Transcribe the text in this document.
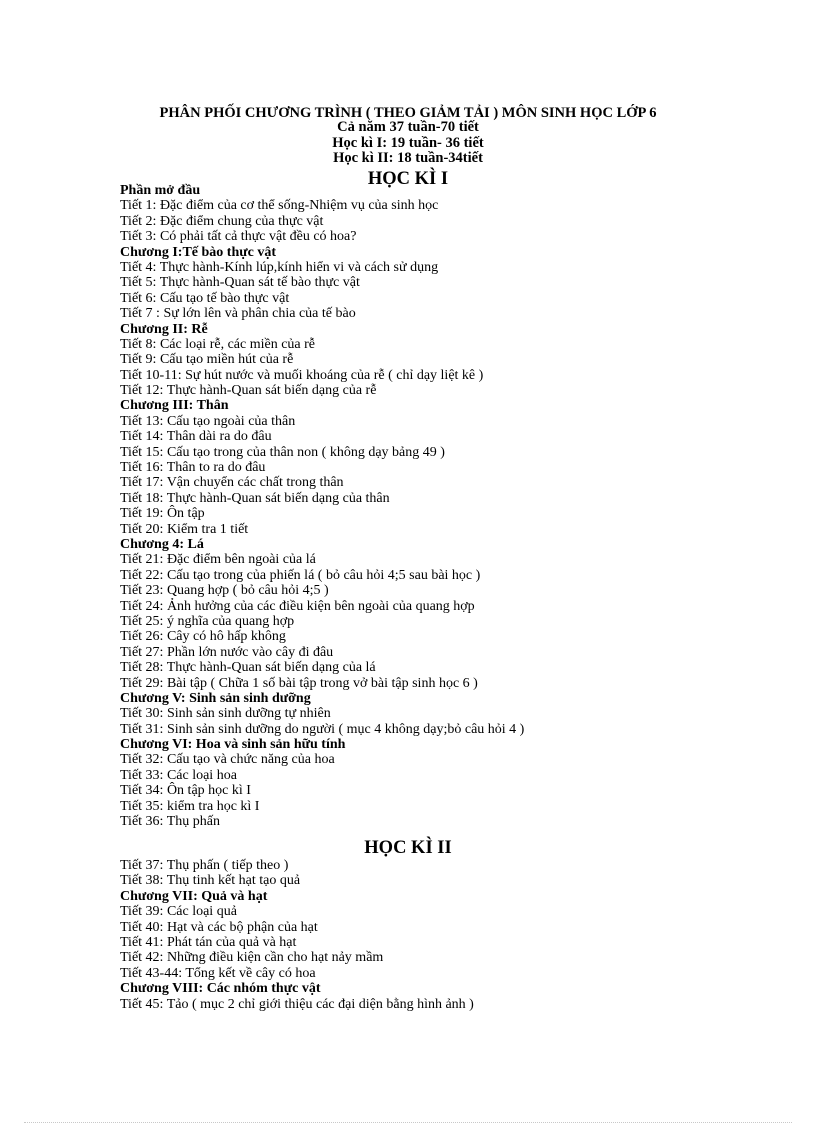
PHÂN PHỐI CHƯƠNG TRÌNH ( THEO GIẢM TẢI ) MÔN SINH HỌC LỚP 6
Cả năm 37 tuần-70 tiết
Học kì I: 19 tuần- 36 tiết
Học kì II: 18 tuần-34tiết
HỌC KÌ I
Phần mở đầu
Tiết 1: Đặc điểm của cơ thể sống-Nhiệm vụ của sinh học
Tiết 2: Đặc điểm chung của thực vật
Tiết 3: Có phải tất cả thực vật đều có hoa?
Chương I:Tế bào thực vật
Tiết 4: Thực hành-Kính lúp,kính hiển vi và cách sử dụng
Tiết 5: Thực hành-Quan sát tế bào thực vật
Tiết 6: Cấu tạo tế bào thực vật
Tiết 7 : Sự lớn lên và phân chia của tế bào
Chương II: Rễ
Tiết 8: Các loại rễ, các miền của rễ
Tiết 9: Cấu tạo miền hút của rễ
Tiết 10-11: Sự hút nước và muối khoáng của rễ ( chỉ dạy liệt kê )
Tiết 12: Thực hành-Quan sát biến dạng của rễ
Chương III: Thân
Tiết 13: Cấu tạo ngoài của thân
Tiết 14: Thân dài ra do đâu
Tiết 15: Cấu tạo trong của thân non ( không dạy bảng 49 )
Tiết 16: Thân to ra do đâu
Tiết 17: Vận chuyển các chất trong thân
Tiết 18: Thực hành-Quan sát biến dạng của thân
Tiết 19: Ôn tập
Tiết 20: Kiểm tra 1 tiết
Chương 4: Lá
Tiết 21: Đặc điểm bên ngoài của lá
Tiết 22: Cấu tạo trong của phiến lá ( bỏ câu hỏi 4;5 sau bài học )
Tiết 23: Quang hợp ( bỏ câu hỏi 4;5 )
Tiết 24: Ảnh hưởng của các điều kiện bên ngoài của quang hợp
Tiết 25: ý nghĩa của quang hợp
Tiết 26: Cây có hô hấp không
Tiết 27: Phần lớn nước vào cây đi đâu
Tiết 28: Thực hành-Quan sát biến dạng của lá
Tiết 29: Bài tập ( Chữa 1 số bài tập trong vở bài tập sinh học 6 )
Chương V: Sinh sản sinh dưỡng
Tiết 30: Sinh sản sinh dưỡng tự nhiên
Tiết 31: Sinh sản sinh dưỡng do người ( mục 4 không dạy;bỏ câu hỏi 4 )
Chương VI: Hoa và sinh sản hữu tính
Tiết 32: Cấu tạo và chức năng của hoa
Tiết 33: Các loại hoa
Tiết 34: Ôn tập học kì I
Tiết 35: kiểm tra học kì I
Tiết 36: Thụ phấn
HỌC KÌ II
Tiết 37: Thụ phấn ( tiếp theo )
Tiết 38: Thụ tinh kết hạt tạo quả
Chương VII: Quả và hạt
Tiết 39: Các loại quả
Tiết 40: Hạt và các bộ phận của hạt
Tiết 41: Phát tán của quả và hạt
Tiết 42: Những điều kiện cần cho hạt nảy mầm
Tiết 43-44: Tổng kết về cây có hoa
Chương VIII: Các nhóm thực vật
Tiết 45: Tảo ( mục 2 chỉ giới thiệu các đại diện bằng hình ảnh )
